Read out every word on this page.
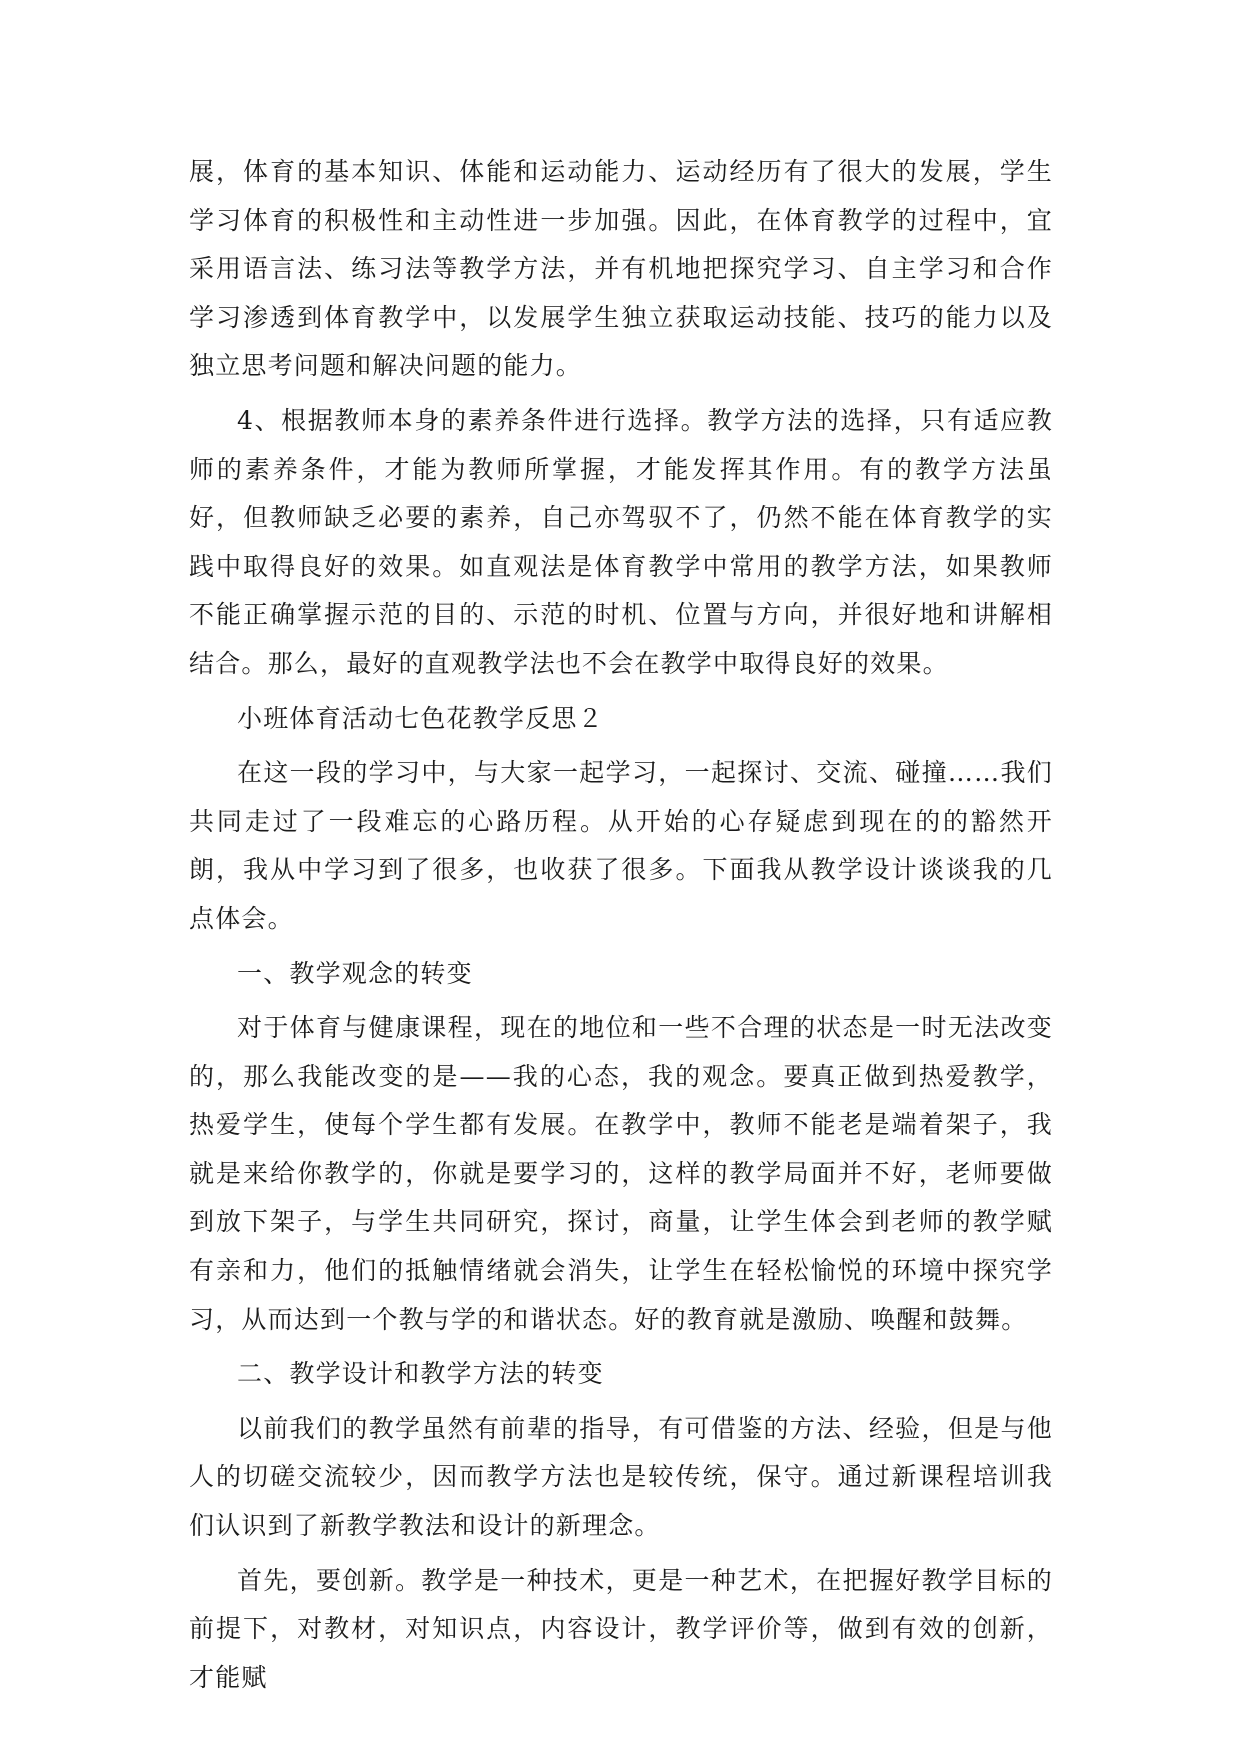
展，体育的基本知识、体能和运动能力、运动经历有了很大的发展，学生学习体育的积极性和主动性进一步加强。因此，在体育教学的过程中，宜采用语言法、练习法等教学方法，并有机地把探究学习、自主学习和合作学习渗透到体育教学中，以发展学生独立获取运动技能、技巧的能力以及独立思考问题和解决问题的能力。

4、根据教师本身的素养条件进行选择。教学方法的选择，只有适应教师的素养条件，才能为教师所掌握，才能发挥其作用。有的教学方法虽好，但教师缺乏必要的素养，自己亦驾驭不了，仍然不能在体育教学的实践中取得良好的效果。如直观法是体育教学中常用的教学方法，如果教师不能正确掌握示范的目的、示范的时机、位置与方向，并很好地和讲解相结合。那么，最好的直观教学法也不会在教学中取得良好的效果。

小班体育活动七色花教学反思２

在这一段的学习中，与大家一起学习，一起探讨、交流、碰撞……我们共同走过了一段难忘的心路历程。从开始的心存疑虑到现在的的豁然开朗，我从中学习到了很多，也收获了很多。下面我从教学设计谈谈我的几点体会。

一、教学观念的转变

对于体育与健康课程，现在的地位和一些不合理的状态是一时无法改变的，那么我能改变的是——我的心态，我的观念。要真正做到热爱教学，热爱学生，使每个学生都有发展。在教学中，教师不能老是端着架子，我就是来给你教学的，你就是要学习的，这样的教学局面并不好，老师要做到放下架子，与学生共同研究，探讨，商量，让学生体会到老师的教学赋有亲和力，他们的抵触情绪就会消失，让学生在轻松愉悦的环境中探究学习，从而达到一个教与学的和谐状态。好的教育就是激励、唤醒和鼓舞。

二、教学设计和教学方法的转变

以前我们的教学虽然有前辈的指导，有可借鉴的方法、经验，但是与他人的切磋交流较少，因而教学方法也是较传统，保守。通过新课程培训我们认识到了新教学教法和设计的新理念。

首先，要创新。教学是一种技术，更是一种艺术，在把握好教学目标的前提下，对教材，对知识点，内容设计，教学评价等，做到有效的创新，才能赋
